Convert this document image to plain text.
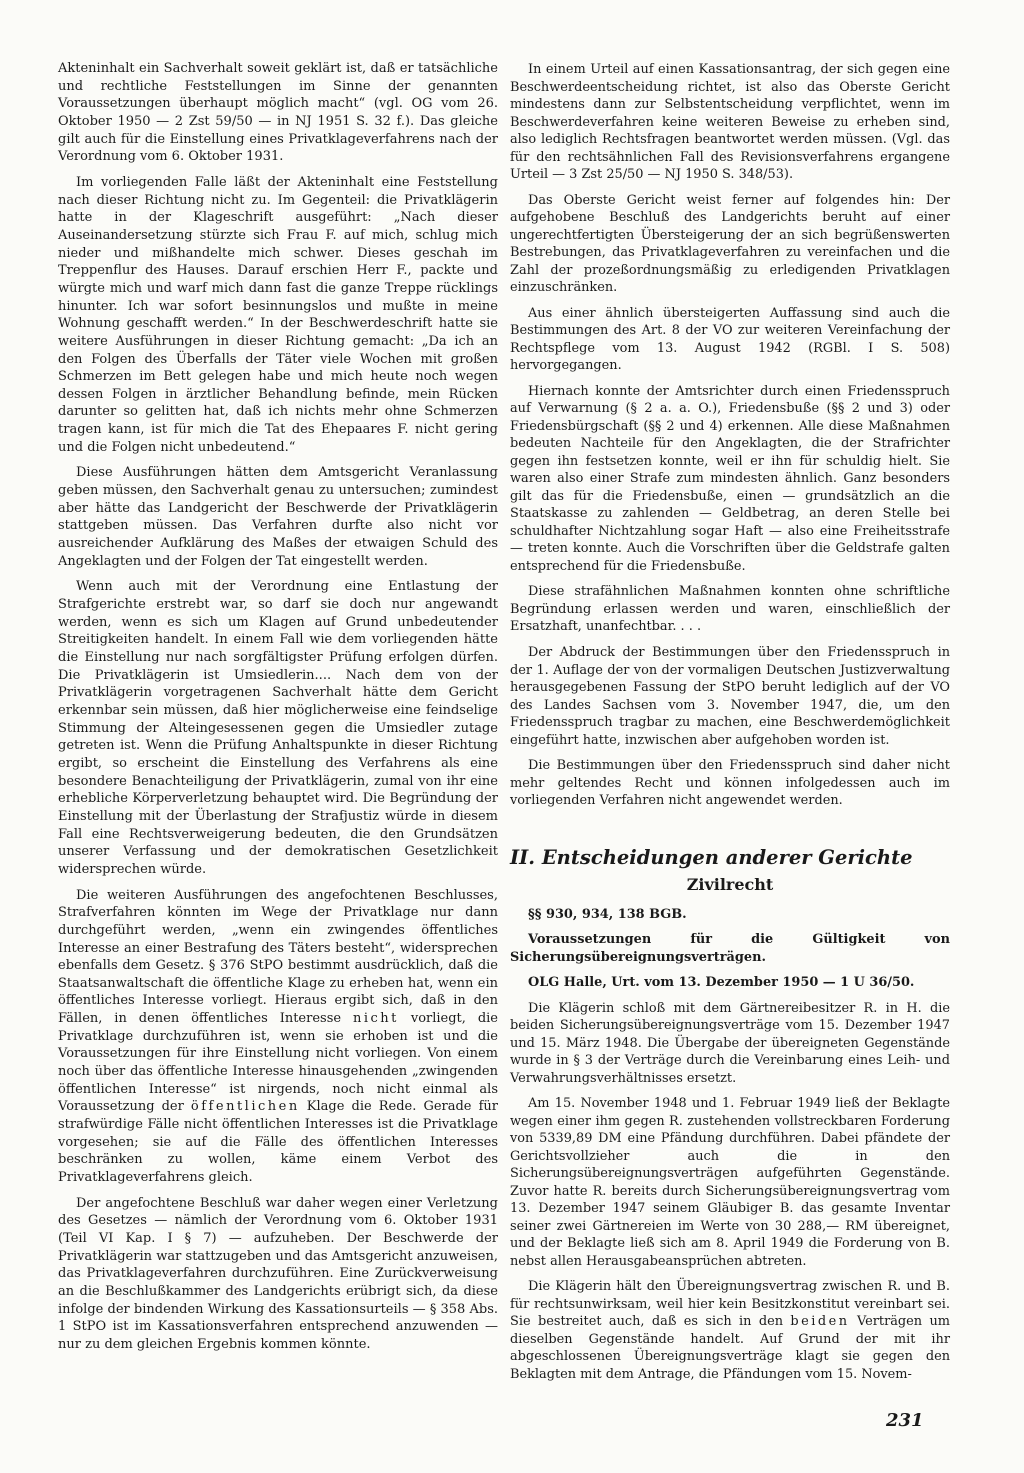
Akteninhalt ein Sachverhalt soweit geklärt ist, daß er tatsächliche und rechtliche Feststellungen im Sinne der genannten Voraussetzungen überhaupt möglich macht“ (vgl. OG vom 26. Oktober 1950 — 2 Zst 59/50 — in NJ 1951 S. 32 f.). Das gleiche gilt auch für die Einstellung eines Privatklageverfahrens nach der Verordnung vom 6. Oktober 1931.

Im vorliegenden Falle läßt der Akteninhalt eine Feststellung nach dieser Richtung nicht zu. Im Gegenteil: die Privatklägerin hatte in der Klageschrift ausgeführt: „Nach dieser Auseinandersetzung stürzte sich Frau F. auf mich, schlug mich nieder und mißhandelte mich schwer. Dieses geschah im Treppenflur des Hauses. Darauf erschien Herr F., packte und würgte mich und warf mich dann fast die ganze Treppe rücklings hinunter. Ich war sofort besinnungslos und mußte in meine Wohnung geschafft werden.“ In der Beschwerdeschrift hatte sie weitere Ausführungen in dieser Richtung gemacht: „Da ich an den Folgen des Überfalls der Täter viele Wochen mit großen Schmerzen im Bett gelegen habe und mich heute noch wegen dessen Folgen in ärztlicher Behandlung befinde, mein Rücken darunter so gelitten hat, daß ich nichts mehr ohne Schmerzen tragen kann, ist für mich die Tat des Ehepaares F. nicht gering und die Folgen nicht unbedeutend.“

Diese Ausführungen hätten dem Amtsgericht Veranlassung geben müssen, den Sachverhalt genau zu untersuchen; zumindest aber hätte das Landgericht der Beschwerde der Privatklägerin stattgeben müssen. Das Verfahren durfte also nicht vor ausreichender Aufklärung des Maßes der etwaigen Schuld des Angeklagten und der Folgen der Tat eingestellt werden.

Wenn auch mit der Verordnung eine Entlastung der Strafgerichte erstrebt war, so darf sie doch nur angewandt werden, wenn es sich um Klagen auf Grund unbedeutender Streitigkeiten handelt. In einem Fall wie dem vorliegenden hätte die Einstellung nur nach sorgfältigster Prüfung erfolgen dürfen. Die Privatklägerin ist Umsiedlerin.... Nach dem von der Privatklägerin vorgetragenen Sachverhalt hätte dem Gericht erkennbar sein müssen, daß hier möglicherweise eine feindselige Stimmung der Alteingesessenen gegen die Umsiedler zutage getreten ist. Wenn die Prüfung Anhaltspunkte in dieser Richtung ergibt, so erscheint die Einstellung des Verfahrens als eine besondere Benachteiligung der Privatklägerin, zumal von ihr eine erhebliche Körperverletzung behauptet wird. Die Begründung der Einstellung mit der Überlastung der Strafjustiz würde in diesem Fall eine Rechtsverweigerung bedeuten, die den Grundsätzen unserer Verfassung und der demokratischen Gesetzlichkeit widersprechen würde.

Die weiteren Ausführungen des angefochtenen Beschlusses, Strafverfahren könnten im Wege der Privatklage nur dann durchgeführt werden, „wenn ein zwingendes öffentliches Interesse an einer Bestrafung des Täters besteht“, widersprechen ebenfalls dem Gesetz. § 376 StPO bestimmt ausdrücklich, daß die Staatsanwaltschaft die öffentliche Klage zu erheben hat, wenn ein öffentliches Interesse vorliegt. Hieraus ergibt sich, daß in den Fällen, in denen öffentliches Interesse nicht vorliegt, die Privatklage durchzuführen ist, wenn sie erhoben ist und die Voraussetzungen für ihre Einstellung nicht vorliegen. Von einem noch über das öffentliche Interesse hinausgehenden „zwingenden öffentlichen Interesse“ ist nirgends, noch nicht einmal als Voraussetzung der öffentlichen Klage die Rede. Gerade für strafwürdige Fälle nicht öffentlichen Interesses ist die Privatklage vorgesehen; sie auf die Fälle des öffentlichen Interesses beschränken zu wollen, käme einem Verbot des Privatklageverfahrens gleich.

Der angefochtene Beschluß war daher wegen einer Verletzung des Gesetzes — nämlich der Verordnung vom 6. Oktober 1931 (Teil VI Kap. I § 7) — aufzuheben. Der Beschwerde der Privatklägerin war stattzugeben und das Amtsgericht anzuweisen, das Privatklageverfahren durchzuführen. Eine Zurückverweisung an die Beschlußkammer des Landgerichts erübrigt sich, da diese infolge der bindenden Wirkung des Kassationsurteils — § 358 Abs. 1 StPO ist im Kassationsverfahren entsprechend anzuwenden — nur zu dem gleichen Ergebnis kommen könnte.

In einem Urteil auf einen Kassationsantrag, der sich gegen eine Beschwerdeentscheidung richtet, ist also das Oberste Gericht mindestens dann zur Selbstentscheidung verpflichtet, wenn im Beschwerdeverfahren keine weiteren Beweise zu erheben sind, also lediglich Rechtsfragen beantwortet werden müssen. (Vgl. das für den rechtsähnlichen Fall des Revisionsverfahrens ergangene Urteil — 3 Zst 25/50 — NJ 1950 S. 348/53).

Das Oberste Gericht weist ferner auf folgendes hin: Der aufgehobene Beschluß des Landgerichts beruht auf einer ungerechtfertigten Übersteigerung der an sich begrüßenswerten Bestrebungen, das Privatklageverfahren zu vereinfachen und die Zahl der prozeßordnungsmäßig zu erledigenden Privatklagen einzuschränken.

Aus einer ähnlich übersteigerten Auffassung sind auch die Bestimmungen des Art. 8 der VO zur weiteren Vereinfachung der Rechtspflege vom 13. August 1942 (RGBl. I S. 508) hervorgegangen.

Hiernach konnte der Amtsrichter durch einen Friedensspruch auf Verwarnung (§ 2 a. a. O.), Friedensbuße (§§ 2 und 3) oder Friedensbürgschaft (§§ 2 und 4) erkennen. Alle diese Maßnahmen bedeuten Nachteile für den Angeklagten, die der Strafrichter gegen ihn festsetzen konnte, weil er ihn für schuldig hielt. Sie waren also einer Strafe zum mindesten ähnlich. Ganz besonders gilt das für die Friedensbuße, einen — grundsätzlich an die Staatskasse zu zahlenden — Geldbetrag, an deren Stelle bei schuldhafter Nichtzahlung sogar Haft — also eine Freiheitsstrafe — treten konnte. Auch die Vorschriften über die Geldstrafe galten entsprechend für die Friedensbuße.

Diese strafähnlichen Maßnahmen konnten ohne schriftliche Begründung erlassen werden und waren, einschließlich der Ersatzhaft, unanfechtbar. . . .

Der Abdruck der Bestimmungen über den Friedensspruch in der 1. Auflage der von der vormaligen Deutschen Justizverwaltung herausgegebenen Fassung der StPO beruht lediglich auf der VO des Landes Sachsen vom 3. November 1947, die, um den Friedensspruch tragbar zu machen, eine Beschwerdemöglichkeit eingeführt hatte, inzwischen aber aufgehoben worden ist.

Die Bestimmungen über den Friedensspruch sind daher nicht mehr geltendes Recht und können infolgedessen auch im vorliegenden Verfahren nicht angewendet werden.

II. Entscheidungen anderer Gerichte
Zivilrecht

§§ 930, 934, 138 BGB.

Voraussetzungen für die Gültigkeit von Sicherungsübereignungsverträgen.

OLG Halle, Urt. vom 13. Dezember 1950 — 1 U 36/50.

Die Klägerin schloß mit dem Gärtnereibesitzer R. in H. die beiden Sicherungsübereignungsverträge vom 15. Dezember 1947 und 15. März 1948. Die Übergabe der übereigneten Gegenstände wurde in § 3 der Verträge durch die Vereinbarung eines Leih- und Verwahrungsverhältnisses ersetzt.

Am 15. November 1948 und 1. Februar 1949 ließ der Beklagte wegen einer ihm gegen R. zustehenden vollstreckbaren Forderung von 5339,89 DM eine Pfändung durchführen. Dabei pfändete der Gerichtsvollzieher auch die in den Sicherungsübereignungsverträgen aufgeführten Gegenstände. Zuvor hatte R. bereits durch Sicherungsübereignungsvertrag vom 13. Dezember 1947 seinem Gläubiger B. das gesamte Inventar seiner zwei Gärtnereien im Werte von 30 288,— RM übereignet, und der Beklagte ließ sich am 8. April 1949 die Forderung von B. nebst allen Herausgabeansprüchen abtreten.

Die Klägerin hält den Übereignungsvertrag zwischen R. und B. für rechtsunwirksam, weil hier kein Besitzkonstitut vereinbart sei. Sie bestreitet auch, daß es sich in den beiden Verträgen um dieselben Gegenstände handelt. Auf Grund der mit ihr abgeschlossenen Übereignungsverträge klagt sie gegen den Beklagten mit dem Antrage, die Pfändungen vom 15. Novem-

231
